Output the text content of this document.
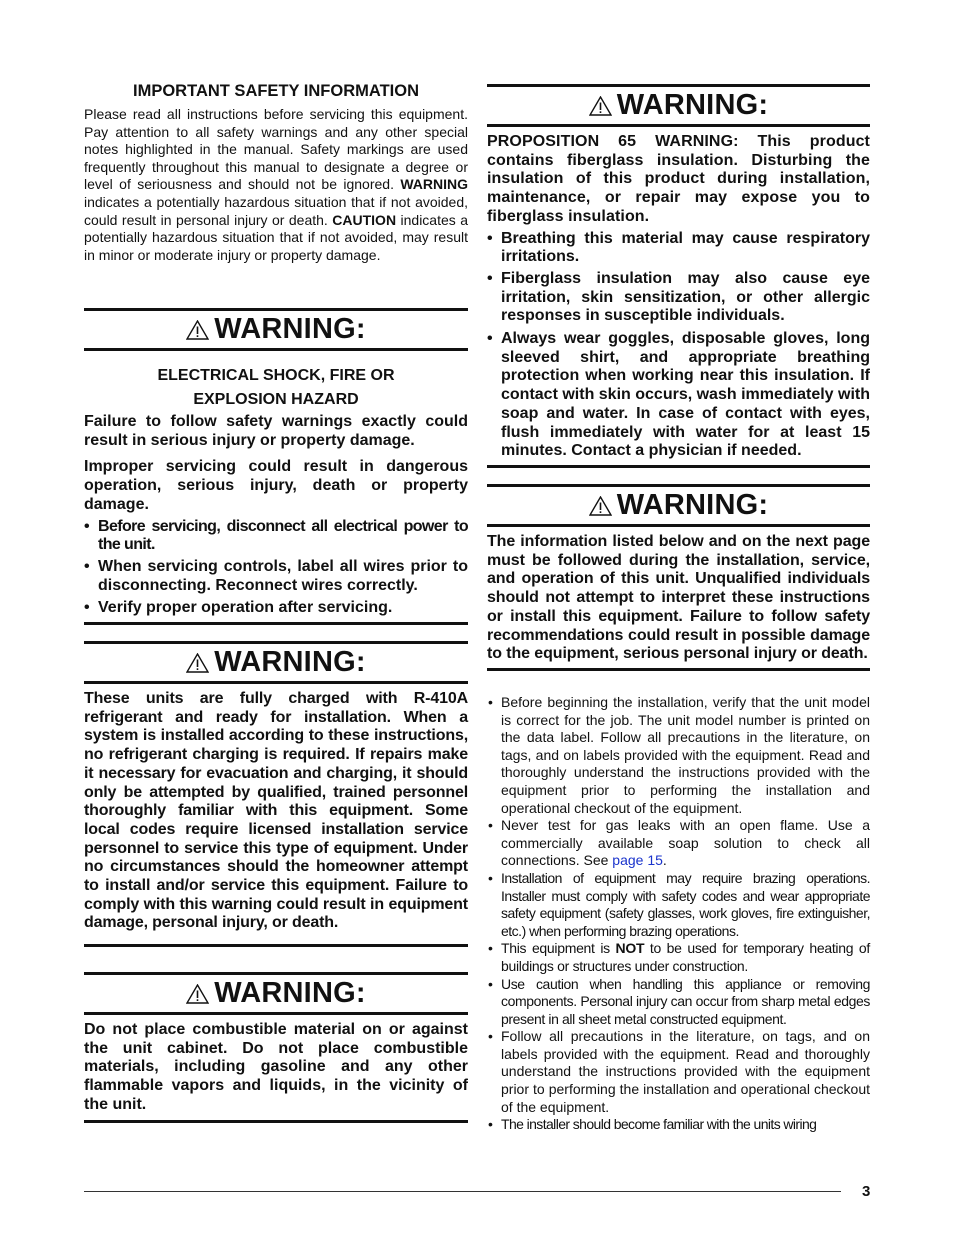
IMPORTANT SAFETY INFORMATION

Please read all instructions before servicing this equipment. Pay attention to all safety warnings and any other special notes highlighted in the manual. Safety markings are used frequently throughout this manual to designate a degree or level of seriousness and should not be ignored. WARNING indicates a potentially hazardous situation that if not avoided, could result in personal injury or death. CAUTION indicates a potentially hazardous situation that if not avoided, may result in minor or moderate injury or property damage.

WARNING:

ELECTRICAL SHOCK, FIRE OR

EXPLOSION HAZARD

Failure to follow safety warnings exactly could result in serious injury or property damage.

Improper servicing could result in dangerous operation, serious injury, death or property damage.

• Before servicing, disconnect all electrical power to the unit.
• When servicing controls, label all wires prior to disconnecting. Reconnect wires correctly.
• Verify proper operation after servicing.
WARNING:

These units are fully charged with R-410A refrigerant and ready for installation. When a system is installed according to these instructions, no refrigerant charging is required. If repairs make it necessary for evacuation and charging, it should only be attempted by qualified, trained personnel thoroughly familiar with this equipment. Some local codes require licensed installation service personnel to service this type of equipment. Under no circumstances should the homeowner attempt to install and/or service this equipment. Failure to comply with this warning could result in equipment damage, personal injury, or death.

WARNING:

Do not place combustible material on or against the unit cabinet. Do not place combustible materials, including gasoline and any other flammable vapors and liquids, in the vicinity of the unit.

WARNING:

PROPOSITION 65 WARNING: This product contains fiberglass insulation. Disturbing the insulation of this product during installation, maintenance, or repair may expose you to fiberglass insulation.

• Breathing this material may cause respiratory irritations.
• Fiberglass insulation may also cause eye irritation, skin sensitization, or other allergic responses in susceptible individuals.
• Always wear goggles, disposable gloves, long sleeved shirt, and appropriate breathing protection when working near this insulation. If contact with skin occurs, wash immediately with soap and water. In case of contact with eyes, flush immediately with water for at least 15 minutes. Contact a physician if needed.
WARNING:

The information listed below and on the next page must be followed during the installation, service, and operation of this unit. Unqualified individuals should not attempt to interpret these instructions or install this equipment. Failure to follow safety recommendations could result in possible damage to the equipment, serious personal injury or death.

• Before beginning the installation, verify that the unit model is correct for the job. The unit model number is printed on the data label. Follow all precautions in the literature, on tags, and on labels provided with the equipment. Read and thoroughly understand the instructions provided with the equipment prior to performing the installation and operational checkout of the equipment.
• Never test for gas leaks with an open flame. Use a commercially available soap solution to check all connections. See page 15.
• Installation of equipment may require brazing operations. Installer must comply with safety codes and wear appropriate safety equipment (safety glasses, work gloves, fire extinguisher, etc.) when performing brazing operations.
• This equipment is NOT to be used for temporary heating of buildings or structures under construction.
• Use caution when handling this appliance or removing components. Personal injury can occur from sharp metal edges present in all sheet metal constructed equipment.
• Follow all precautions in the literature, on tags, and on labels provided with the equipment. Read and thoroughly understand the instructions provided with the equipment prior to performing the installation and operational checkout of the equipment.
• The installer should become familiar with the units wiring
3
